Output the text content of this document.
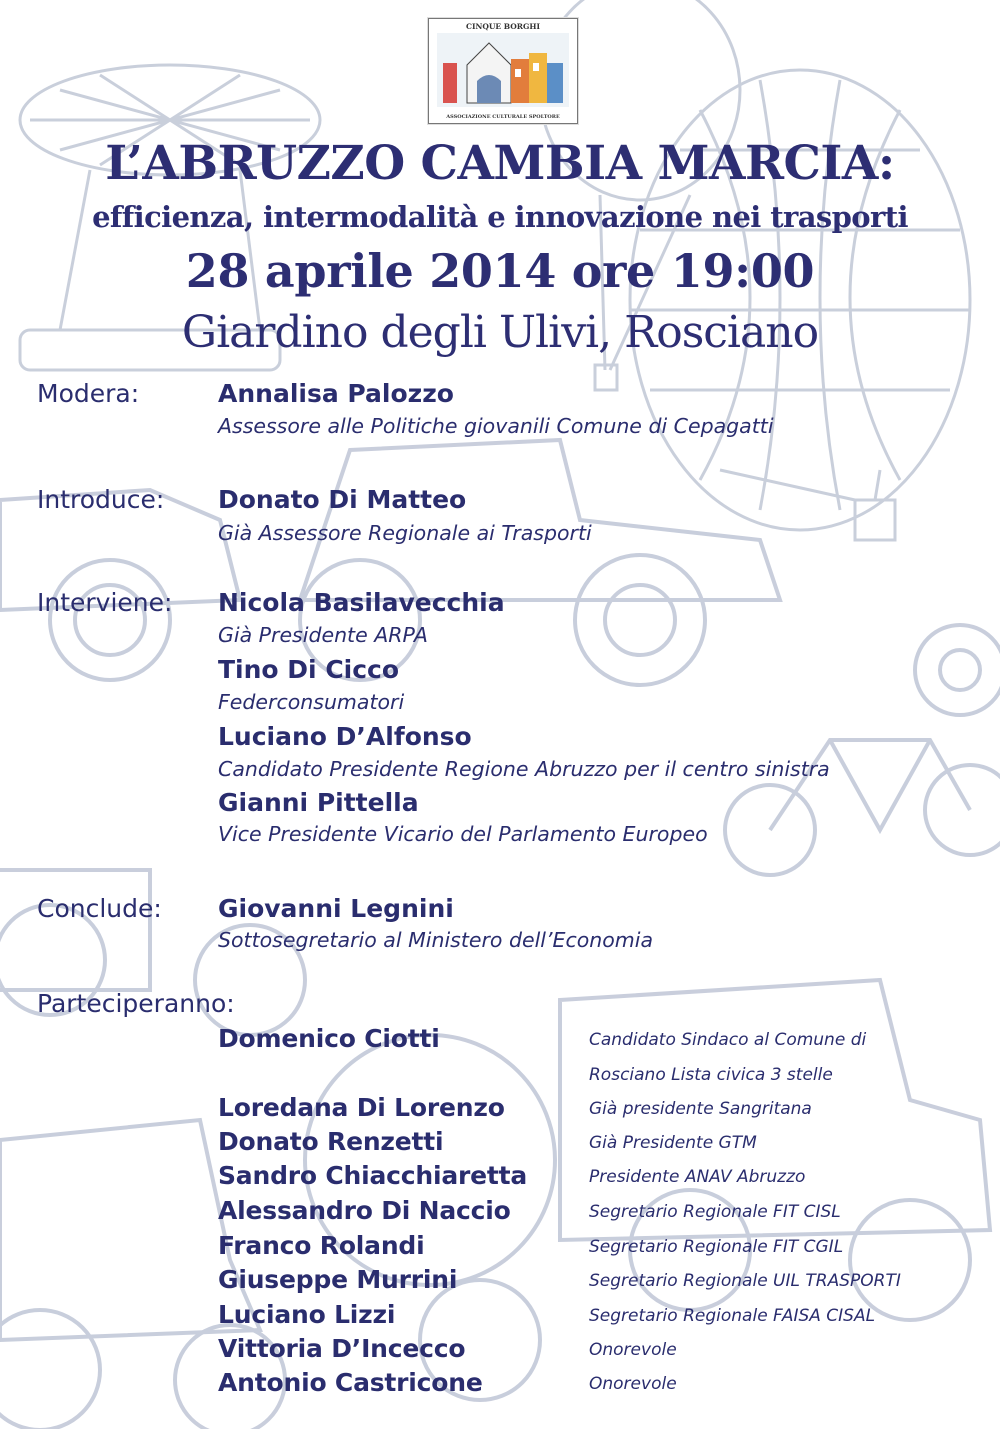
CINQUE BORGHI
ASSOCIAZIONE CULTURALE SPOLTORE
L’ABRUZZO CAMBIA MARCIA:
efficienza, intermodalità e innovazione nei trasporti
28 aprile 2014 ore 19:00
Giardino degli Ulivi, Rosciano
Modera:	Annalisa Palozzo
Assessore alle Politiche giovanili Comune di Cepagatti
Introduce: Donato Di Matteo
Già Assessore Regionale ai Trasporti
Interviene: Nicola Basilavecchia
Già Presidente ARPA
Tino Di Cicco
Federconsumatori
Luciano D’Alfonso
Candidato Presidente Regione Abruzzo per il centro sinistra
Gianni Pittella
Vice Presidente Vicario del Parlamento Europeo
Conclude: Giovanni Legnini
Sottosegretario al Ministero dell’Economia
Parteciperanno:
Domenico Ciotti	Candidato Sindaco al Comune di
Rosciano Lista civica 3 stelle
Loredana Di Lorenzo	Già presidente Sangritana
Donato Renzetti	Già Presidente GTM
Sandro Chiacchiaretta	Presidente ANAV Abruzzo
Alessandro Di Naccio	Segretario Regionale FIT CISL
Franco Rolandi	Segretario Regionale FIT CGIL
Giuseppe Murrini	Segretario Regionale UIL TRASPORTI
Luciano Lizzi	Segretario Regionale FAISA CISAL
Vittoria D’Incecco	Onorevole
Antonio Castricone	Onorevole
